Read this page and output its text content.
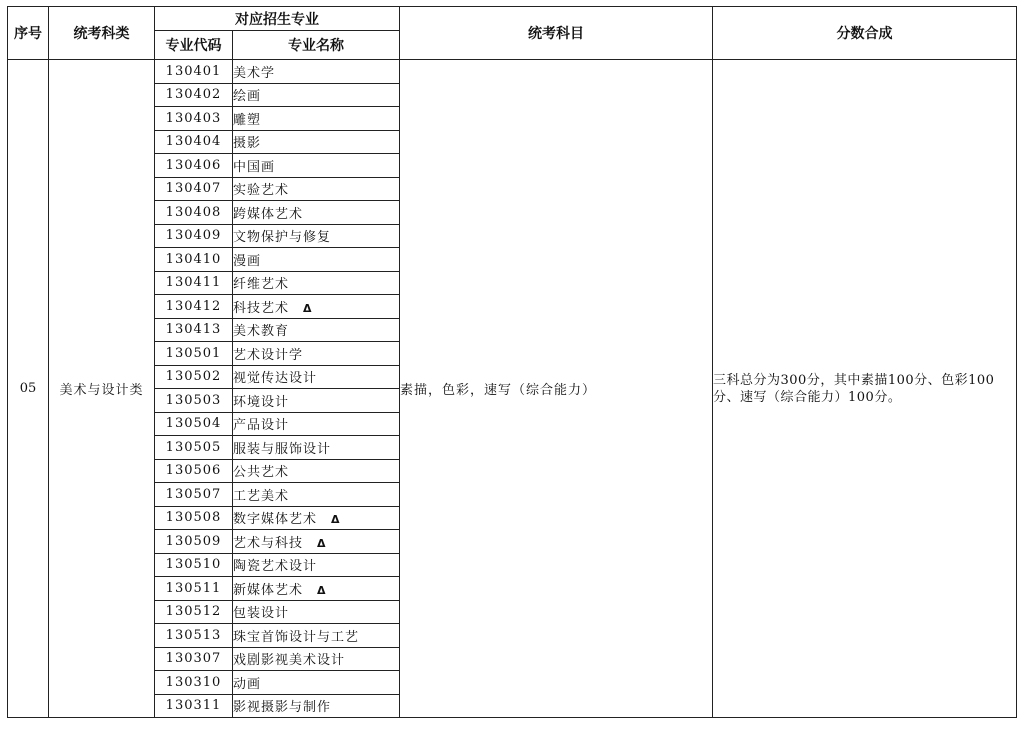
序号	统考科类	对应招生专业		统考科目	分数合成
		专业代码	专业名称		
05	美术与设计类	130401	美术学	素描，色彩，速写（综合能力）	三科总分为300分，其中素描100分、色彩100分、速写（综合能力）100分。
		130402	绘画		
		130403	雕塑		
		130404	摄影		
		130406	中国画		
		130407	实验艺术		
		130408	跨媒体艺术		
		130409	文物保护与修复		
		130410	漫画		
		130411	纤维艺术		
		130412	科技艺术 Δ		
		130413	美术教育		
		130501	艺术设计学		
		130502	视觉传达设计		
		130503	环境设计		
		130504	产品设计		
		130505	服装与服饰设计		
		130506	公共艺术		
		130507	工艺美术		
		130508	数字媒体艺术 Δ		
		130509	艺术与科技 Δ		
		130510	陶瓷艺术设计		
		130511	新媒体艺术 Δ		
		130512	包装设计		
		130513	珠宝首饰设计与工艺		
		130307	戏剧影视美术设计		
		130310	动画		
		130311	影视摄影与制作		
